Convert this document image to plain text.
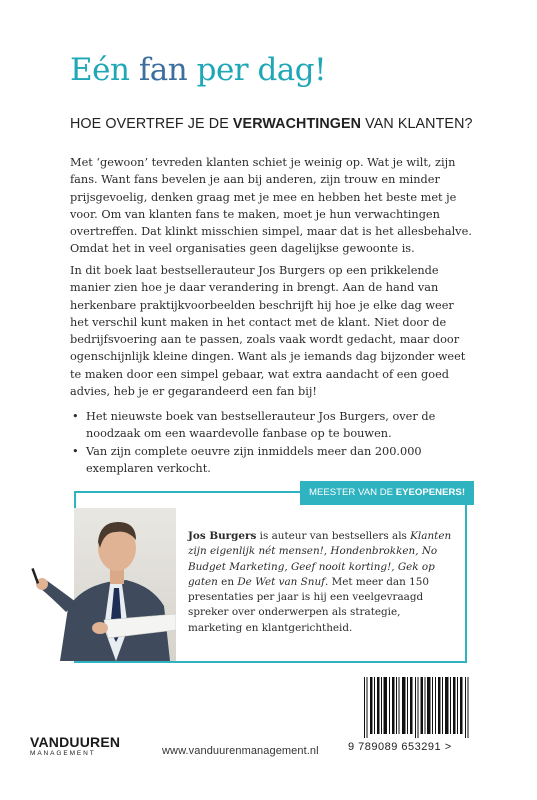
Eén fan per dag!
HOE OVERTREF JE DE VERWACHTINGEN VAN KLANTEN?

Met ‘gewoon’ tevreden klanten schiet je weinig op. Wat je wilt, zijn fans. Want fans bevelen je aan bij anderen, zijn trouw en minder prijsgevoelig, denken graag met je mee en hebben het beste met je voor. Om van klanten fans te maken, moet je hun verwachtingen overtreffen. Dat klinkt misschien simpel, maar dat is het allesbehalve. Omdat het in veel organisaties geen dagelijkse gewoonte is.

In dit boek laat bestsellerauteur Jos Burgers op een prikkelende manier zien hoe je daar verandering in brengt. Aan de hand van herkenbare praktijkvoorbeelden beschrijft hij hoe je elke dag weer het verschil kunt maken in het contact met de klant. Niet door de bedrijfsvoering aan te passen, zoals vaak wordt gedacht, maar door ogenschijnlijk kleine dingen. Want als je iemands dag bijzonder weet te maken door een simpel gebaar, wat extra aandacht of een goed advies, heb je er gegarandeerd een fan bij!

• Het nieuwste boek van bestsellerauteur Jos Burgers, over de noodzaak om een waardevolle fanbase op te bouwen.
• Van zijn complete oeuvre zijn inmiddels meer dan 200.000 exemplaren verkocht.
MEESTER VAN DE EYEOPENERS!

Jos Burgers is auteur van bestsellers als Klanten zijn eigenlijk nét mensen!, Hondenbrokken, No Budget Marketing, Geef nooit korting!, Gek op gaten en De Wet van Snuf. Met meer dan 150 presentaties per jaar is hij een veelgevraagd spreker over onderwerpen als strategie, marketing en klantgerichtheid.

9 789089 653291 >
VANDUUREN
MANAGEMENT	www.vanduurenmanagement.nl
